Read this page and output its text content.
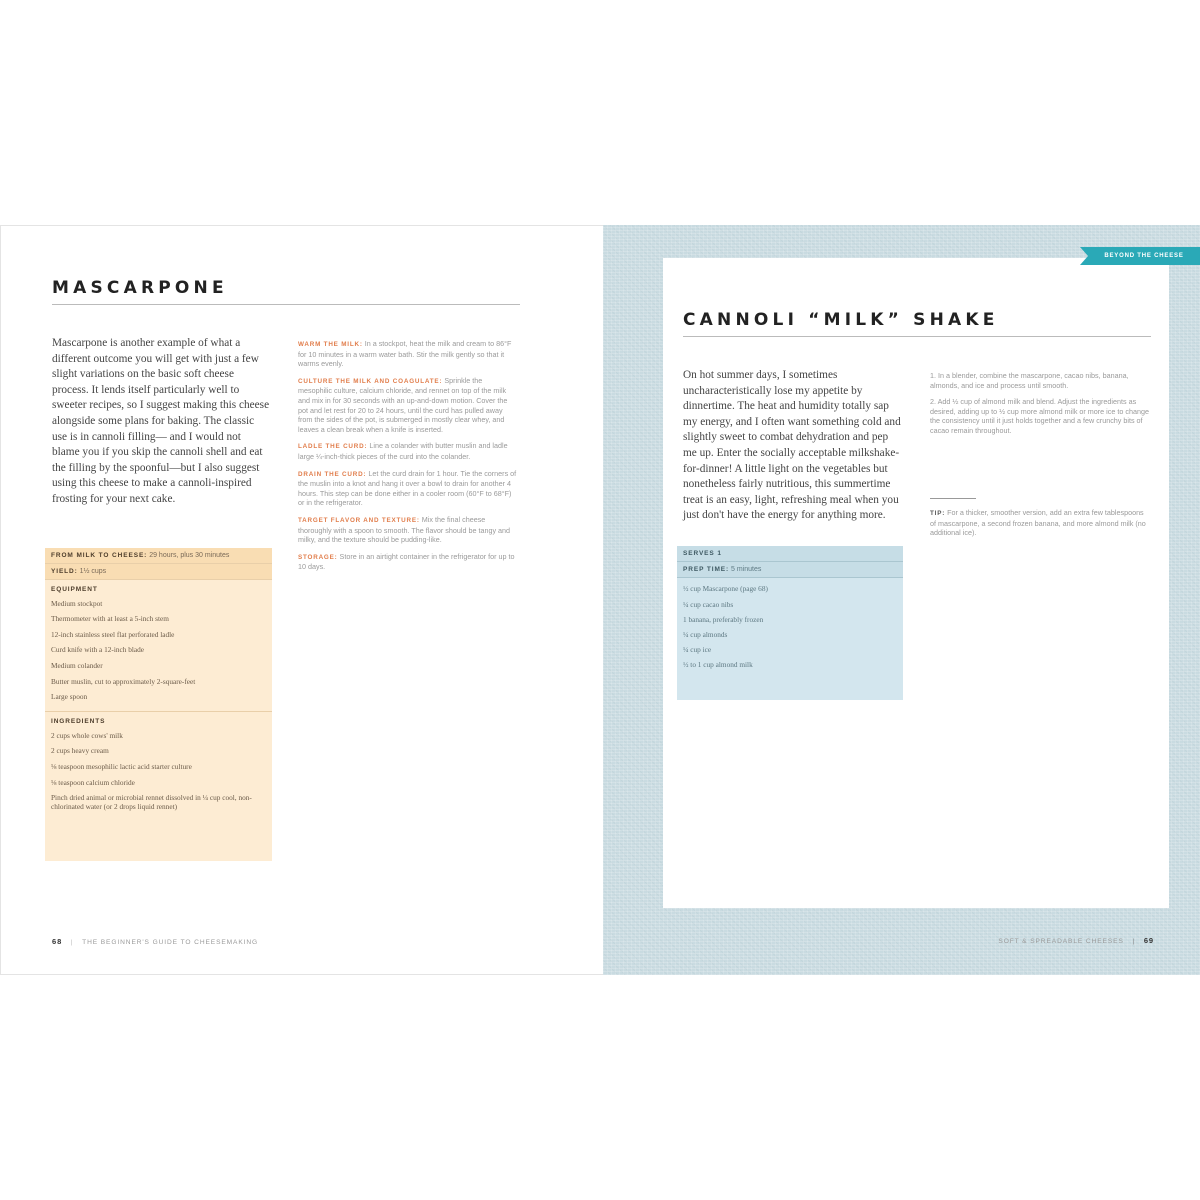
MASCARPONE

Mascarpone is another example of what a different outcome you will get with just a few slight variations on the basic soft cheese process. It lends itself particularly well to sweeter recipes, so I suggest making this cheese alongside some plans for baking. The classic use is in cannoli filling— and I would not blame you if you skip the cannoli shell and eat the filling by the spoonful—but I also suggest using this cheese to make a cannoli-inspired frosting for your next cake.

WARM THE MILK: In a stockpot, heat the milk and cream to 86°F for 10 minutes in a warm water bath. Stir the milk gently so that it warms evenly.

CULTURE THE MILK AND COAGULATE: Sprinkle the mesophilic culture, calcium chloride, and rennet on top of the milk and mix in for 30 seconds with an up-and-down motion. Cover the pot and let rest for 20 to 24 hours, until the curd has pulled away from the sides of the pot, is submerged in mostly clear whey, and leaves a clean break when a knife is inserted.

LADLE THE CURD: Line a colander with butter muslin and ladle large ¼-inch-thick pieces of the curd into the colander.

DRAIN THE CURD: Let the curd drain for 1 hour. Tie the corners of the muslin into a knot and hang it over a bowl to drain for another 4 hours. This step can be done either in a cooler room (60°F to 68°F) or in the refrigerator.

TARGET FLAVOR AND TEXTURE: Mix the final cheese thoroughly with a spoon to smooth. The flavor should be tangy and milky, and the texture should be pudding-like.

STORAGE: Store in an airtight container in the refrigerator for up to 10 days.

FROM MILK TO CHEESE: 29 hours, plus 30 minutes
YIELD: 1½ cups
EQUIPMENT
Medium stockpot
Thermometer with at least a 5-inch stem
12-inch stainless steel flat perforated ladle
Curd knife with a 12-inch blade
Medium colander
Butter muslin, cut to approximately 2-square-feet
Large spoon
INGREDIENTS
2 cups whole cows' milk
2 cups heavy cream
⅛ teaspoon mesophilic lactic acid starter culture
⅛ teaspoon calcium chloride
Pinch dried animal or microbial rennet dissolved in ¼ cup cool, non-chlorinated water (or 2 drops liquid rennet)
68 | THE BEGINNER'S GUIDE TO CHEESEMAKING
CANNOLI “MILK” SHAKE

On hot summer days, I sometimes uncharacteristically lose my appetite by dinnertime. The heat and humidity totally sap my energy, and I often want something cold and slightly sweet to combat dehydration and pep me up. Enter the socially acceptable milkshake-for-dinner! A little light on the vegetables but nonetheless fairly nutritious, this summertime treat is an easy, light, refreshing meal when you just don't have the energy for anything more.

1. In a blender, combine the mascarpone, cacao nibs, banana, almonds, and ice and process until smooth.

2. Add ½ cup of almond milk and blend. Adjust the ingredients as desired, adding up to ½ cup more almond milk or more ice to change the consistency until it just holds together and a few crunchy bits of cacao remain throughout.

TIP: For a thicker, smoother version, add an extra few tablespoons of mascarpone, a second frozen banana, and more almond milk (no additional ice).

SERVES 1
PREP TIME: 5 minutes
½ cup Mascarpone (page 68)
¼ cup cacao nibs
1 banana, preferably frozen
¼ cup almonds
¼ cup ice
½ to 1 cup almond milk
BEYOND THE CHEESE
SOFT & SPREADABLE CHEESES | 69
